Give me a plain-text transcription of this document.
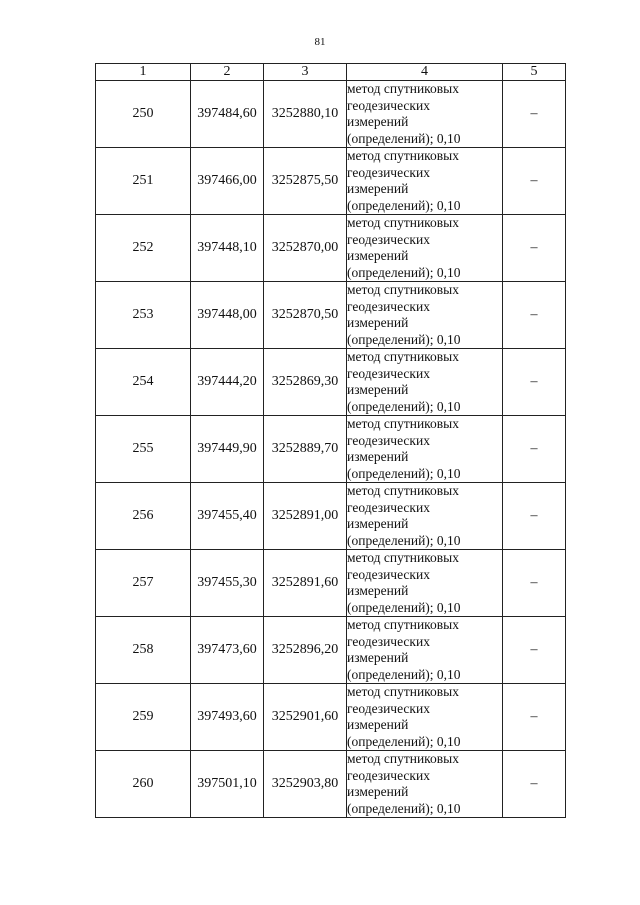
81
1	2	3	4	5
250	397484,60	3252880,10	метод спутниковых
геодезических
измерений
(определений); 0,10	–
251	397466,00	3252875,50	метод спутниковых
геодезических
измерений
(определений); 0,10	–
252	397448,10	3252870,00	метод спутниковых
геодезических
измерений
(определений); 0,10	–
253	397448,00	3252870,50	метод спутниковых
геодезических
измерений
(определений); 0,10	–
254	397444,20	3252869,30	метод спутниковых
геодезических
измерений
(определений); 0,10	–
255	397449,90	3252889,70	метод спутниковых
геодезических
измерений
(определений); 0,10	–
256	397455,40	3252891,00	метод спутниковых
геодезических
измерений
(определений); 0,10	–
257	397455,30	3252891,60	метод спутниковых
геодезических
измерений
(определений); 0,10	–
258	397473,60	3252896,20	метод спутниковых
геодезических
измерений
(определений); 0,10	–
259	397493,60	3252901,60	метод спутниковых
геодезических
измерений
(определений); 0,10	–
260	397501,10	3252903,80	метод спутниковых
геодезических
измерений
(определений); 0,10	–
